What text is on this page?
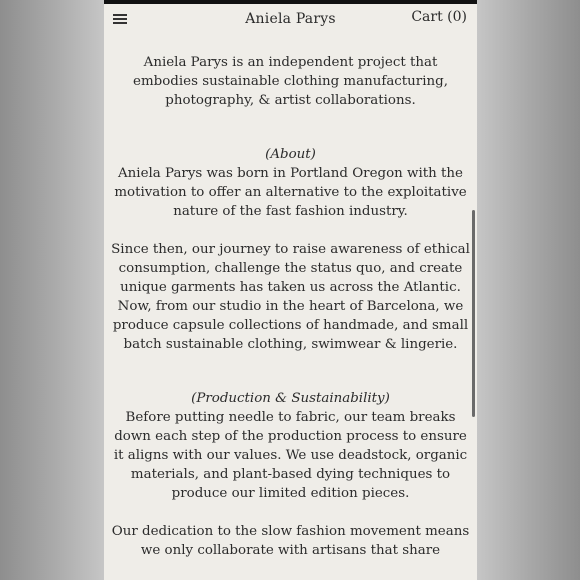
Aniela Parys	Cart (0)

Aniela Parys is an independent project that embodies sustainable clothing manufacturing, photography, & artist collaborations.

(About)

Aniela Parys was born in Portland Oregon with the motivation to offer an alternative to the exploitative nature of the fast fashion industry.

Since then, our journey to raise awareness of ethical consumption, challenge the status quo, and create unique garments has taken us across the Atlantic. Now, from our studio in the heart of Barcelona, we produce capsule collections of handmade, and small batch sustainable clothing, swimwear & lingerie.

(Production & Sustainability)

Before putting needle to fabric, our team breaks down each step of the production process to ensure it aligns with our values. We use deadstock, organic materials, and plant-based dying techniques to produce our limited edition pieces.

Our dedication to the slow fashion movement means we only collaborate with artisans that share
